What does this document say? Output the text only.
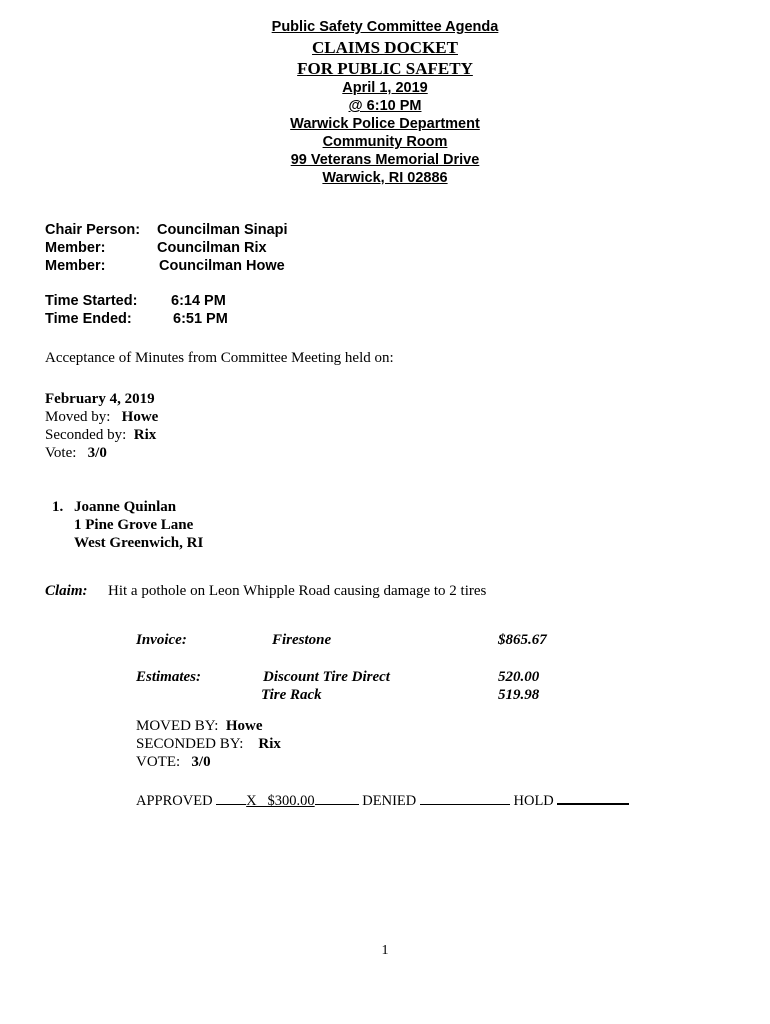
Public Safety Committee Agenda
CLAIMS DOCKET
FOR PUBLIC SAFETY
April 1, 2019
@ 6:10 PM
Warwick Police Department
Community Room
99 Veterans Memorial Drive
Warwick, RI 02886
Chair Person: Councilman Sinapi
Member:	Councilman Rix
Member:	Councilman Howe
Time Started: 6:14 PM
Time Ended:	6:51 PM
Acceptance of Minutes from Committee Meeting held on:
February 4, 2019
Moved by: Howe
Seconded by: Rix
Vote: 3/0
1. Joanne Quinlan
1 Pine Grove Lane
West Greenwich, RI
Claim: Hit a pothole on Leon Whipple Road causing damage to 2 tires
Invoice:	Firestone	$865.67
Estimates:	Discount Tire Direct	520.00
Tire Rack	519.98
MOVED BY: Howe
SECONDED BY: Rix
VOTE: 3/0
APPROVED X   $300.00	DENIED	HOLD
1
